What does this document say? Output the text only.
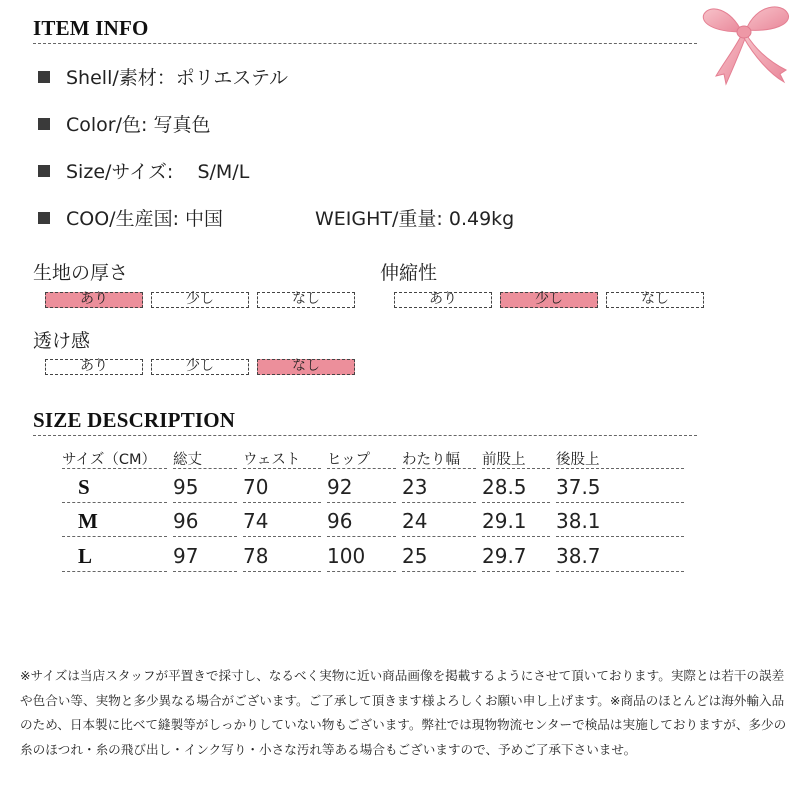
ITEM INFO
Shell/素材：ポリエステル
Color/色: 写真色
Size/サイズ:    S/M/L
COO/生産国: 中国	WEIGHT/重量: 0.49kg
生地の厚さ	伸縮性
透け感
あり	少し	なし	あり	少し	なし
あり	少し	なし
SIZE DESCRIPTION
サイズ（CM） 総丈	ウェスト ヒップ わたり幅 前股上 後股上
S	95 70	92 23	28.5 37.5
M	96 74	96 24	29.1 38.1
L	97 78	100 25	29.7 38.7
※サイズは当店スタッフが平置きで採寸し、なるべく実物に近い商品画像を掲載するようにさせて頂いております。実際とは若干の誤差や色合い等、実物と多少異なる場合がございます。ご了承して頂きます様よろしくお願い申し上げます。※商品のほとんどは海外輸入品のため、日本製に比べて縫製等がしっかりしていない物もございます。弊社では現物物流センターで検品は実施しておりますが、多少の糸のほつれ・糸の飛び出し・インク写り・小さな汚れ等ある場合もございますので、予めご了承下さいませ。
